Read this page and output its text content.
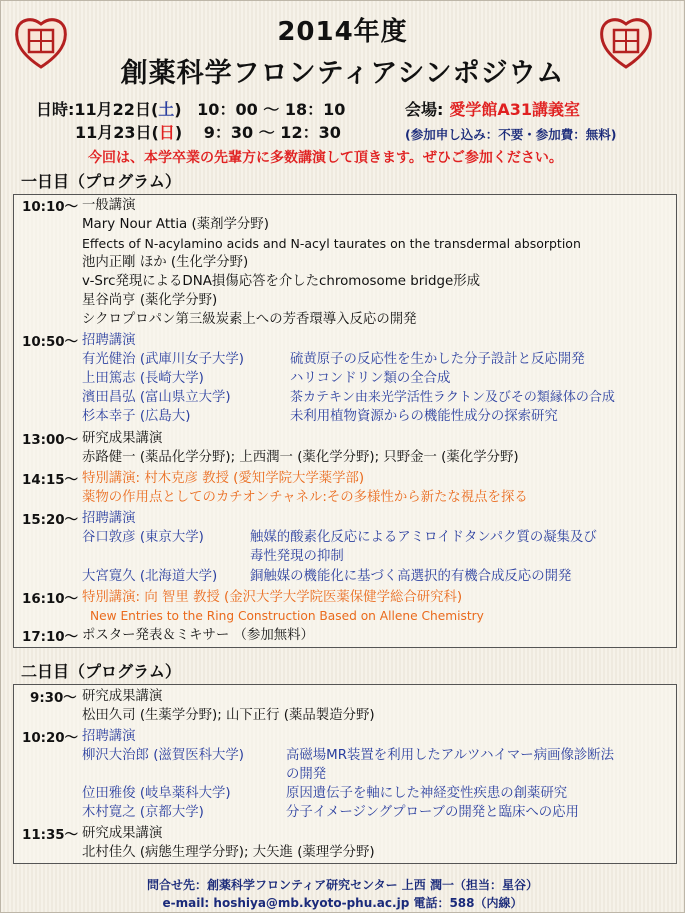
2014年度
創薬科学フロンティアシンポジウム
日時:11月22日(土) 10：00 〜 18：10
11月23日(日) 9：30 〜 12：30
会場: 愛学館A31講義室
(参加申し込み：不要・参加費：無料)
今回は、本学卒業の先輩方に多数講演して頂きます。ぜひご参加ください。
一日目（プログラム）
10:10〜 一般講演
Mary Nour Attia (薬剤学分野)
Effects of N-acylamino acids and N-acyl taurates on the transdermal absorption
池内正剛 ほか (生化学分野)
v-Src発現によるDNA損傷応答を介したchromosome bridge形成
星谷尚亨 (薬化学分野)
シクロプロパン第三級炭素上への芳香環導入反応の開発
10:50〜 招聘講演
有光健治 (武庫川女子大学)	硫黄原子の反応性を生かした分子設計と反応開発
上田篤志 (長崎大学)	ハリコンドリン類の全合成
濱田昌弘 (富山県立大学)	茶カテキン由来光学活性ラクトン及びその類縁体の合成
杉本幸子 (広島大)	未利用植物資源からの機能性成分の探索研究
13:00〜 研究成果講演
赤路健一 (薬品化学分野); 上西潤一 (薬化学分野); 只野金一 (薬化学分野)
14:15〜 特別講演: 村木克彦 教授 (愛知学院大学薬学部)
薬物の作用点としてのカチオンチャネル:その多様性から新たな視点を探る
15:20〜 招聘講演
谷口敦彦 (東京大学)	触媒的酸素化反応によるアミロイドタンパク質の凝集及び
毒性発現の抑制
大宮寛久 (北海道大学) 銅触媒の機能化に基づく高選択的有機合成反応の開発
16:10〜 特別講演: 向 智里 教授 (金沢大学大学院医薬保健学総合研究科)
New Entries to the Ring Construction Based on Allene Chemistry
17:10〜 ポスター発表＆ミキサー （参加無料）
二日目（プログラム）
9:30〜 研究成果講演
松田久司 (生薬学分野); 山下正行 (薬品製造分野)
10:20〜 招聘講演
柳沢大治郎 (滋賀医科大学)	高磁場MR装置を利用したアルツハイマー病画像診断法
の開発
位田雅俊 (岐阜薬科大学)	原因遺伝子を軸にした神経変性疾患の創薬研究
木村寛之 (京都大学)	分子イメージングプローブの開発と臨床への応用
11:35〜 研究成果講演
北村佳久 (病態生理学分野); 大矢進 (薬理学分野)
問合せ先：創薬科学フロンティア研究センター 上西 潤一（担当：星谷）
e-mail: hoshiya@mb.kyoto-phu.ac.jp 電話：588（内線）
